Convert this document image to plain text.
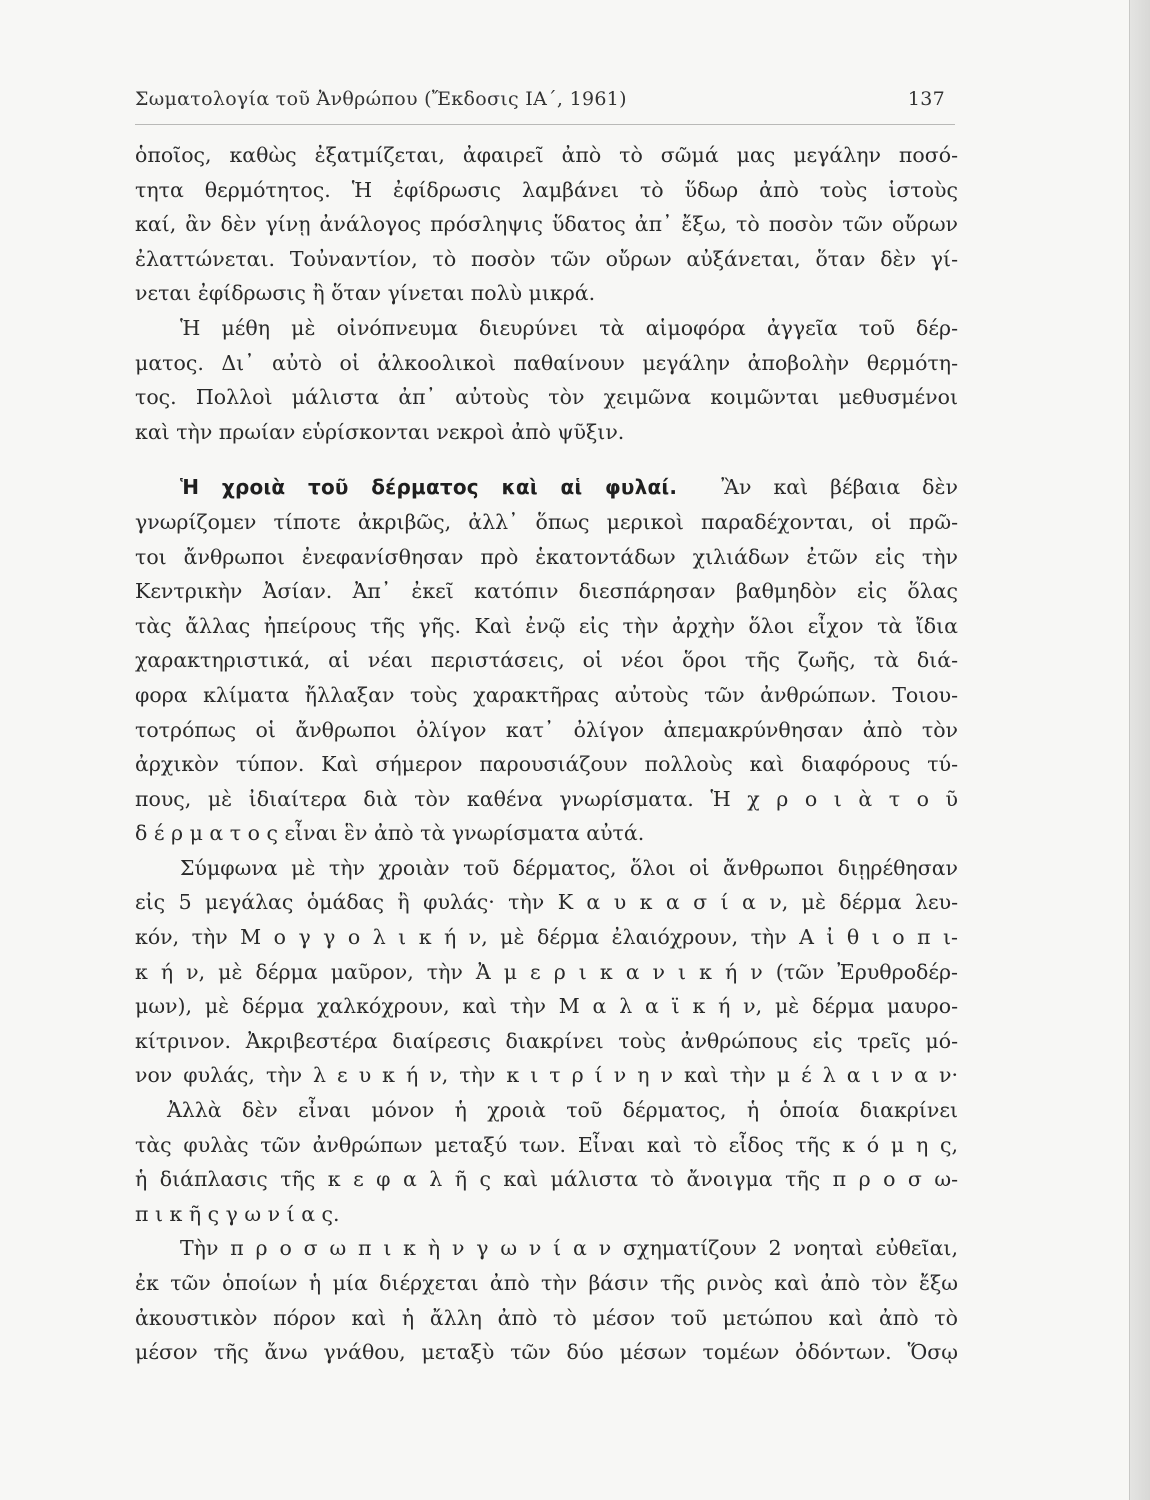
Σωματολογία τοῦ Ἀνθρώπου (Ἔκδοσις ΙΑ΄, 1961)	137
ὁποῖος, καθὼς ἐξατμίζεται, ἀφαιρεῖ ἀπὸ τὸ σῶμά μας μεγάλην ποσό-
τητα θερμότητος. Ἡ ἐφίδρωσις λαμβάνει τὸ ὕδωρ ἀπὸ τοὺς ἱστοὺς
καί, ἂν δὲν γίνῃ ἀνάλογος πρόσληψις ὕδατος ἀπ᾿ ἔξω, τὸ ποσὸν τῶν οὔρων
ἐλαττώνεται. Τοὐναντίον, τὸ ποσὸν τῶν οὔρων αὐξάνεται, ὅταν δὲν γί-
νεται ἐφίδρωσις ἢ ὅταν γίνεται πολὺ μικρά.
Ἡ μέθη μὲ οἰνόπνευμα διευρύνει τὰ αἱμοφόρα ἀγγεῖα τοῦ δέρ-
ματος. Δι᾿ αὐτὸ οἱ ἀλκοολικοὶ παθαίνουν μεγάλην ἀποβολὴν θερμότη-
τος. Πολλοὶ μάλιστα ἀπ᾿ αὐτοὺς τὸν χειμῶνα κοιμῶνται μεθυσμένοι
καὶ τὴν πρωίαν εὑρίσκονται νεκροὶ ἀπὸ ψῦξιν.
Ἡ χροιὰ τοῦ δέρματος καὶ αἱ φυλαί. Ἂν καὶ βέβαια δὲν
γνωρίζομεν τίποτε ἀκριβῶς, ἀλλ᾿ ὅπως μερικοὶ παραδέχονται, οἱ πρῶ-
τοι ἄνθρωποι ἐνεφανίσθησαν πρὸ ἑκατοντάδων χιλιάδων ἐτῶν εἰς τὴν
Κεντρικὴν Ἀσίαν. Ἀπ᾿ ἐκεῖ κατόπιν διεσπάρησαν βαθμηδὸν εἰς ὅλας
τὰς ἄλλας ἠπείρους τῆς γῆς. Καὶ ἐνῷ εἰς τὴν ἀρχὴν ὅλοι εἶχον τὰ ἴδια
χαρακτηριστικά, αἱ νέαι περιστάσεις, οἱ νέοι ὅροι τῆς ζωῆς, τὰ διά-
φορα κλίματα ἤλλαξαν τοὺς χαρακτῆρας αὐτοὺς τῶν ἀνθρώπων. Τοιου-
τοτρόπως οἱ ἄνθρωποι ὀλίγον κατ᾿ ὀλίγον ἀπεμακρύνθησαν ἀπὸ τὸν
ἀρχικὸν τύπον. Καὶ σήμερον παρουσιάζουν πολλοὺς καὶ διαφόρους τύ-
πους, μὲ ἰδιαίτερα διὰ τὸν καθένα γνωρίσματα. Ἡ χ ρ ο ι ὰ τ ο ῦ
δ έ ρ μ α τ ο ς εἶναι ἓν ἀπὸ τὰ γνωρίσματα αὐτά.
Σύμφωνα μὲ τὴν χροιὰν τοῦ δέρματος, ὅλοι οἱ ἄνθρωποι διῃρέθησαν
εἰς 5 μεγάλας ὁμάδας ἢ φυλάς· τὴν Κ α υ κ α σ ί α ν, μὲ δέρμα λευ-
κόν, τὴν Μ ο γ γ ο λ ι κ ή ν, μὲ δέρμα ἐλαιόχρουν, τὴν Α ἰ θ ι ο π ι-
κ ή ν, μὲ δέρμα μαῦρον, τὴν Ἀ μ ε ρ ι κ α ν ι κ ή ν (τῶν Ἐρυθροδέρ-
μων), μὲ δέρμα χαλκόχρουν, καὶ τὴν Μ α λ α ϊ κ ή ν, μὲ δέρμα μαυρο-
κίτρινον. Ἀκριβεστέρα διαίρεσις διακρίνει τοὺς ἀνθρώπους εἰς τρεῖς μό-
νον φυλάς, τὴν λ ε υ κ ή ν, τὴν κ ι τ ρ ί ν η ν καὶ τὴν μ έ λ α ι ν α ν·
Ἀλλὰ δὲν εἶναι μόνον ἡ χροιὰ τοῦ δέρματος, ἡ ὁποία διακρίνει
τὰς φυλὰς τῶν ἀνθρώπων μεταξύ των. Εἶναι καὶ τὸ εἶδος τῆς κ ό μ η ς,
ἡ διάπλασις τῆς κ ε φ α λ ῆ ς καὶ μάλιστα τὸ ἄνοιγμα τῆς π ρ ο σ ω-
π ι κ ῆ ς γ ω ν ί α ς.
Τὴν π ρ ο σ ω π ι κ ὴ ν γ ω ν ί α ν σχηματίζουν 2 νοηταὶ εὐθεῖαι,
ἐκ τῶν ὁποίων ἡ μία διέρχεται ἀπὸ τὴν βάσιν τῆς ρινὸς καὶ ἀπὸ τὸν ἔξω
ἀκουστικὸν πόρον καὶ ἡ ἄλλη ἀπὸ τὸ μέσον τοῦ μετώπου καὶ ἀπὸ τὸ
μέσον τῆς ἄνω γνάθου, μεταξὺ τῶν δύο μέσων τομέων ὀδόντων. Ὅσῳ
